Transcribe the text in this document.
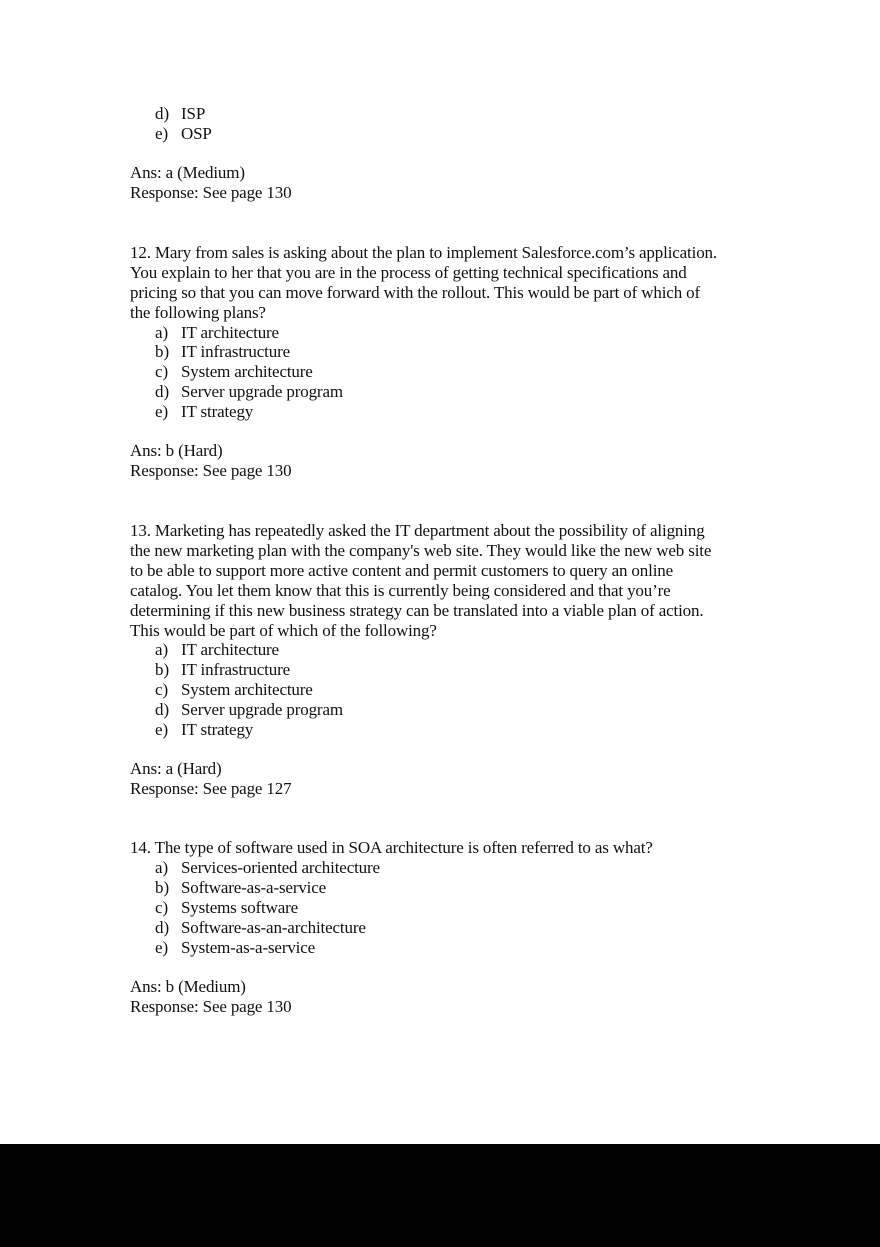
d) ISP
e) OSP
Ans: a (Medium)
Response: See page 130
12. Mary from sales is asking about the plan to implement Salesforce.com’s application.
You explain to her that you are in the process of getting technical specifications and
pricing so that you can move forward with the rollout. This would be part of which of
the following plans?
a) IT architecture
b) IT infrastructure
c) System architecture
d) Server upgrade program
e) IT strategy
Ans: b (Hard)
Response: See page 130
13. Marketing has repeatedly asked the IT department about the possibility of aligning
the new marketing plan with the company's web site. They would like the new web site
to be able to support more active content and permit customers to query an online
catalog. You let them know that this is currently being considered and that you’re
determining if this new business strategy can be translated into a viable plan of action.
This would be part of which of the following?
a) IT architecture
b) IT infrastructure
c) System architecture
d) Server upgrade program
e) IT strategy
Ans: a (Hard)
Response: See page 127
14. The type of software used in SOA architecture is often referred to as what?
a) Services-oriented architecture
b) Software-as-a-service
c) Systems software
d) Software-as-an-architecture
e) System-as-a-service
Ans: b (Medium)
Response: See page 130
